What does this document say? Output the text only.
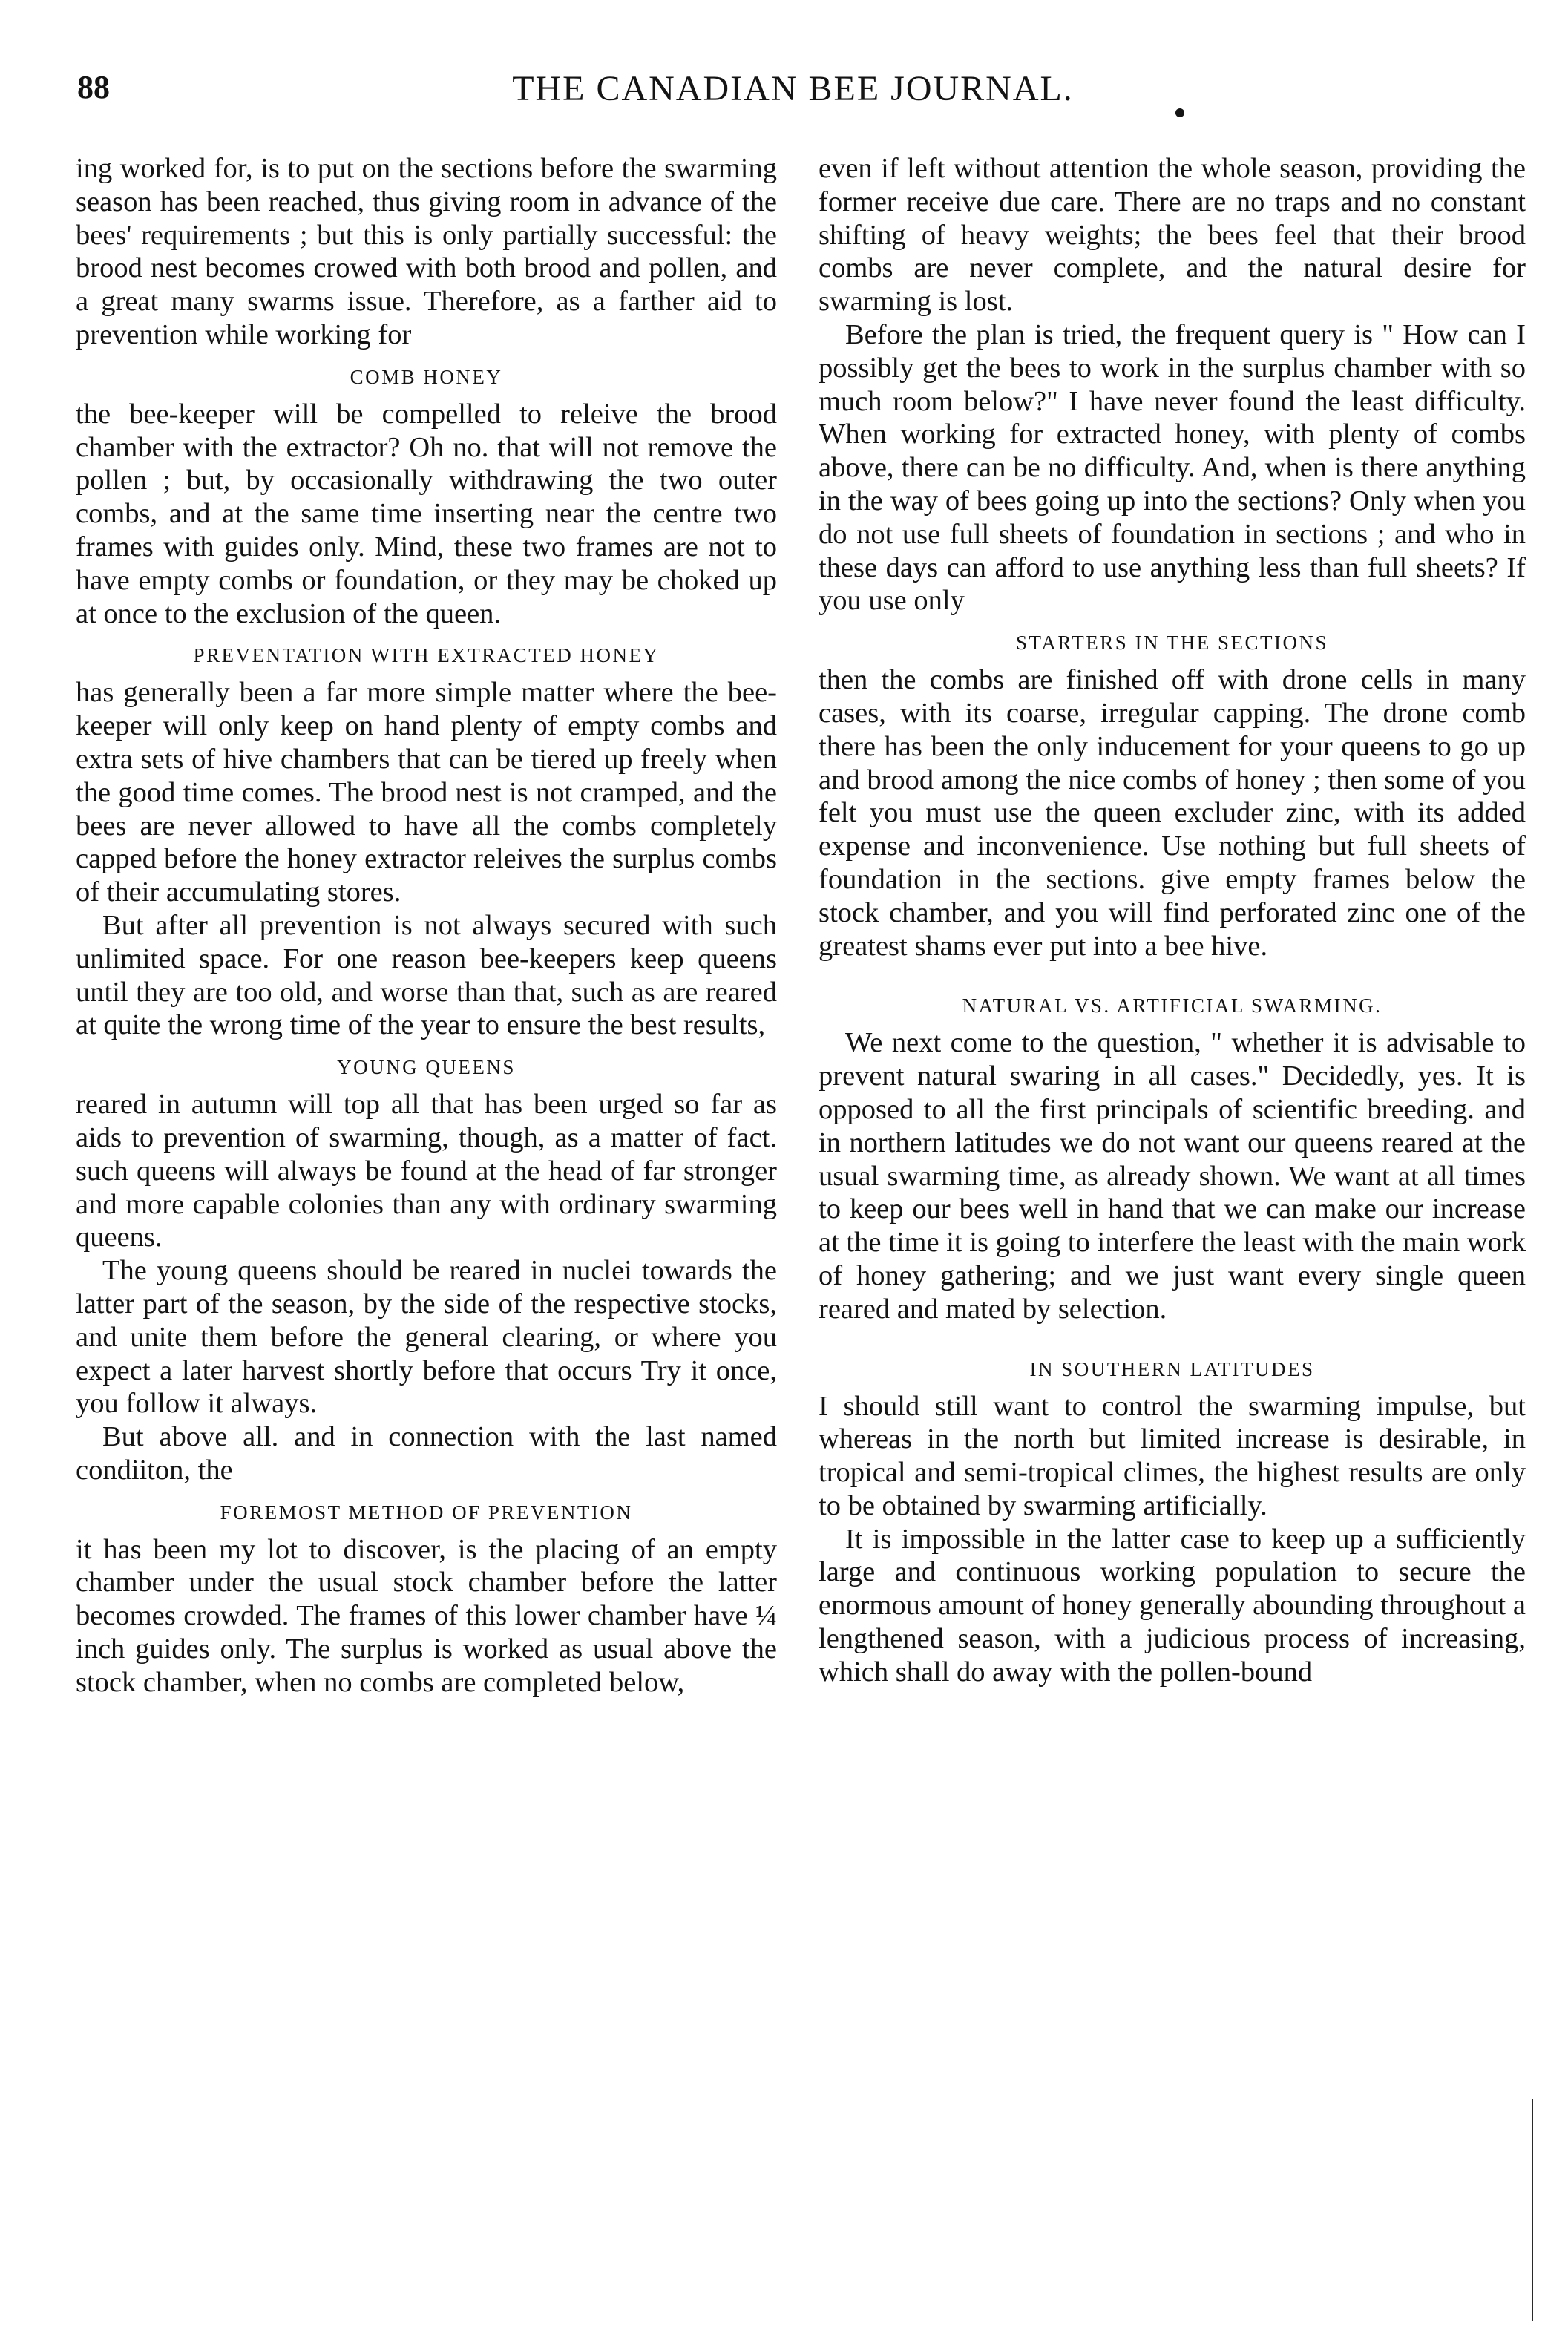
88	THE CANADIAN BEE JOURNAL.

ing worked for, is to put on the sections before the swarming season has been reached, thus giving room in advance of the bees' requirements ; but this is only partially successful: the brood nest becomes crowed with both brood and pollen, and a great many swarms issue. Therefore, as a farther aid to prevention while working for

COMB HONEY

the bee-keeper will be compelled to releive the brood chamber with the extractor? Oh no. that will not remove the pollen ; but, by occasionally withdrawing the two outer combs, and at the same time inserting near the centre two frames with guides only. Mind, these two frames are not to have empty combs or foundation, or they may be choked up at once to the exclusion of the queen.

PREVENTATION WITH EXTRACTED HONEY

has generally been a far more simple matter where the bee-keeper will only keep on hand plenty of empty combs and extra sets of hive chambers that can be tiered up freely when the good time comes. The brood nest is not cramped, and the bees are never allowed to have all the combs completely capped before the honey extractor releives the surplus combs of their accumulating stores.

But after all prevention is not always secured with such unlimited space. For one reason bee-keepers keep queens until they are too old, and worse than that, such as are reared at quite the wrong time of the year to ensure the best results,

YOUNG QUEENS

reared in autumn will top all that has been urged so far as aids to prevention of swarming, though, as a matter of fact. such queens will always be found at the head of far stronger and more capable colonies than any with ordinary swarming queens.

The young queens should be reared in nuclei towards the latter part of the season, by the side of the respective stocks, and unite them before the general clearing, or where you expect a later harvest shortly before that occurs Try it once, you follow it always.

But above all. and in connection with the last named condiiton, the

FOREMOST METHOD OF PREVENTION

it has been my lot to discover, is the placing of an empty chamber under the usual stock chamber before the latter becomes crowded. The frames of this lower chamber have ¼ inch guides only. The surplus is worked as usual above the stock chamber, when no combs are completed below,

even if left without attention the whole season, providing the former receive due care. There are no traps and no constant shifting of heavy weights; the bees feel that their brood combs are never complete, and the natural desire for swarming is lost.

Before the plan is tried, the frequent query is " How can I possibly get the bees to work in the surplus chamber with so much room below?" I have never found the least difficulty. When working for extracted honey, with plenty of combs above, there can be no difficulty. And, when is there anything in the way of bees going up into the sections? Only when you do not use full sheets of foundation in sections ; and who in these days can afford to use anything less than full sheets? If you use only

STARTERS IN THE SECTIONS

then the combs are finished off with drone cells in many cases, with its coarse, irregular capping. The drone comb there has been the only inducement for your queens to go up and brood among the nice combs of honey ; then some of you felt you must use the queen excluder zinc, with its added expense and inconvenience. Use nothing but full sheets of foundation in the sections. give empty frames below the stock chamber, and you will find perforated zinc one of the greatest shams ever put into a bee hive.

NATURAL VS. ARTIFICIAL SWARMING.

We next come to the question, " whether it is advisable to prevent natural swaring in all cases." Decidedly, yes. It is opposed to all the first principals of scientific breeding. and in northern latitudes we do not want our queens reared at the usual swarming time, as already shown. We want at all times to keep our bees well in hand that we can make our increase at the time it is going to interfere the least with the main work of honey gathering; and we just want every single queen reared and mated by selection.

IN SOUTHERN LATITUDES

I should still want to control the swarming impulse, but whereas in the north but limited increase is desirable, in tropical and semi-tropical climes, the highest results are only to be obtained by swarming artificially.

It is impossible in the latter case to keep up a sufficiently large and continuous working population to secure the enormous amount of honey generally abounding throughout a lengthened season, with a judicious process of increasing, which shall do away with the pollen-bound
